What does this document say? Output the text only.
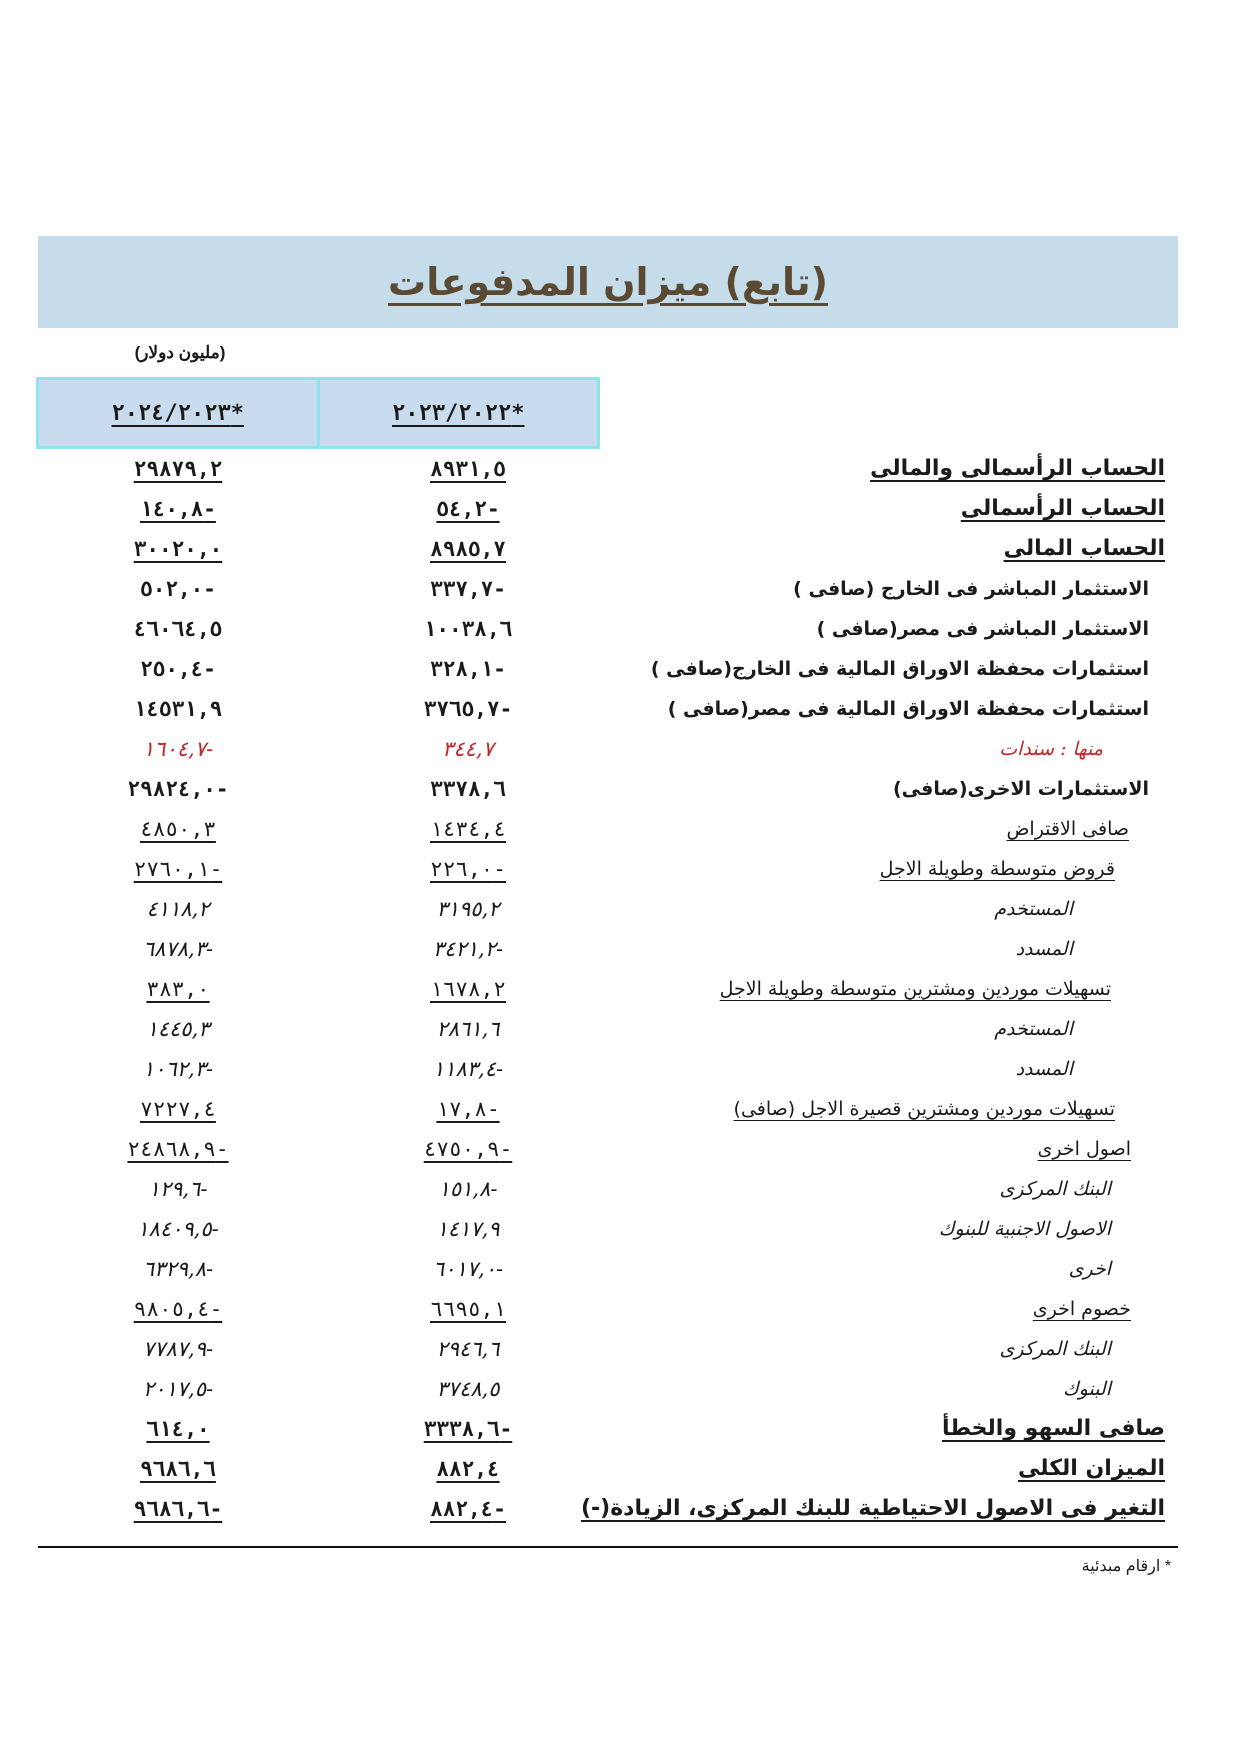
(تابع) ميزان المدفوعات
(مليون دولار)
*٢٠٢٣/٢٠٢٢
*٢٠٢٤/٢٠٢٣
الحساب الرأسمالى والمالى
٨٩٣١,٥
٢٩٨٧٩,٢
الحساب الرأسمالى
-٥٤,٢
-١٤٠,٨
الحساب المالى
٨٩٨٥,٧
٣٠٠٢٠,٠
الاستثمار المباشر فى الخارج (صافى )
-٣٣٧,٧
-٥٠٢,٠
الاستثمار المباشر فى مصر(صافى )
١٠٠٣٨,٦
٤٦٠٦٤,٥
استثمارات محفظة الاوراق المالية فى الخارج(صافى )
-٣٢٨,١
-٢٥٠,٤
استثمارات محفظة الاوراق المالية فى مصر(صافى )
-٣٧٦٥,٧
١٤٥٣١,٩
منها : سندات
٣٤٤,٧
-١٦٠٤,٧
الاستثمارات الاخرى(صافى)
٣٣٧٨,٦
-٢٩٨٢٤,٠
صافى الاقتراض
١٤٣٤,٤
٤٨٥٠,٣
قروض متوسطة وطويلة الاجل
-٢٢٦,٠
-٢٧٦٠,١
المستخدم
٣١٩٥,٢
٤١١٨,٢
المسدد
-٣٤٢١,٢
-٦٨٧٨,٣
تسهيلات موردين ومشترين متوسطة وطويلة الاجل
١٦٧٨,٢
٣٨٣,٠
المستخدم
٢٨٦١,٦
١٤٤٥,٣
المسدد
-١١٨٣,٤
-١٠٦٢,٣
تسهيلات موردين ومشترين قصيرة الاجل (صافى)
-١٧,٨
٧٢٢٧,٤
اصول اخرى
-٤٧٥٠,٩
-٢٤٨٦٨,٩
البنك المركزى
-١٥١,٨
-١٢٩,٦
الاصول الاجنبية للبنوك
١٤١٧,٩
-١٨٤٠٩,٥
اخرى
-٦٠١٧,٠
-٦٣٢٩,٨
خصوم اخرى
٦٦٩٥,١
-٩٨٠٥,٤
البنك المركزى
٢٩٤٦,٦
-٧٧٨٧,٩
البنوك
٣٧٤٨,٥
-٢٠١٧,٥
صافى السهو والخطأ
-٣٣٣٨,٦
٦١٤,٠
الميزان الكلى
٨٨٢,٤
٩٦٨٦,٦
التغير فى الاصول الاحتياطية للبنك المركزى، الزيادة(-)
-٨٨٢,٤
-٩٦٨٦,٦
* ارقام مبدئية
